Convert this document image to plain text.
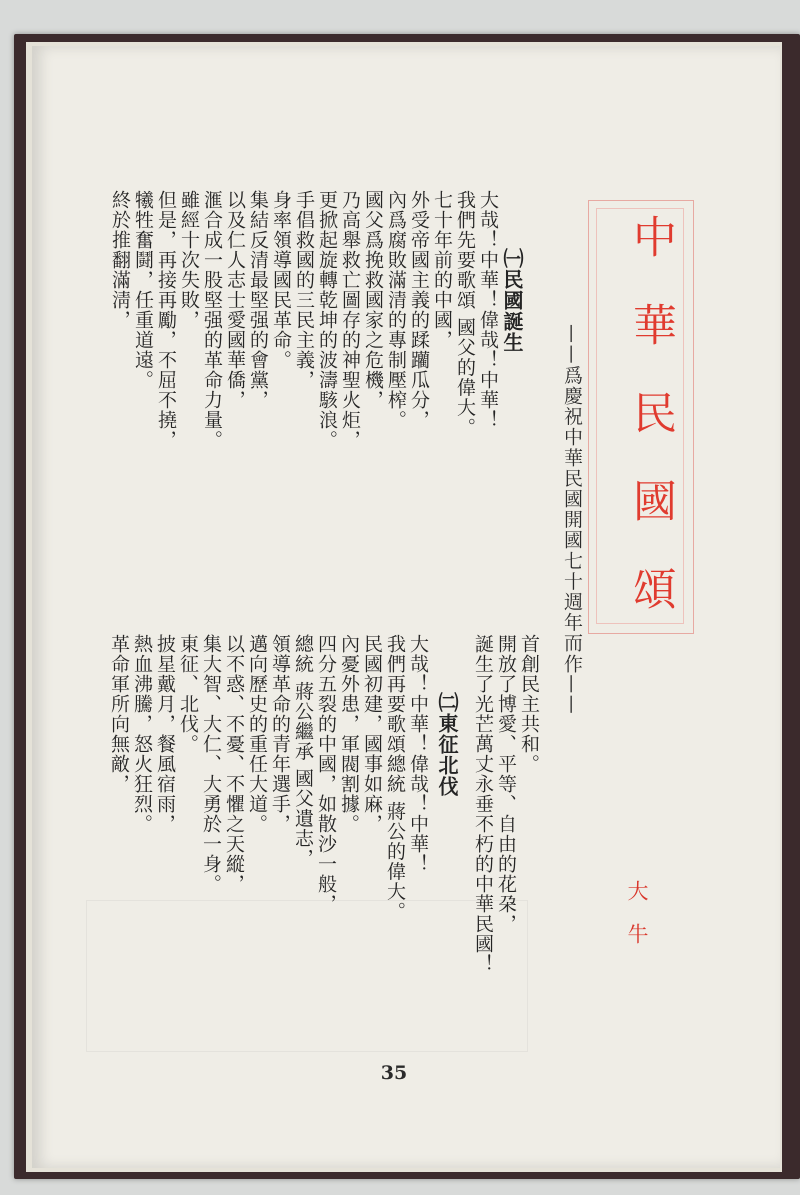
中華民國頌
大牛
——爲慶祝中華民國開國七十週年而作——
㈠民國誕生
大哉！中華！偉哉！中華！
我們先要歌頌 國父的偉大。
七十年前的中國，
外受帝國主義的蹂躪瓜分，
內爲腐敗滿清的專制壓榨。
國父爲挽救國家之危機，
乃高舉救亡圖存的神聖火炬，
更掀起旋轉乾坤的波濤駭浪。
手倡救國的三民主義，
身率領導國民革命。
集結反清最堅强的會黨，
以及仁人志士愛國華僑，
滙合成一股堅强的革命力量。
雖經十次失敗，
但是，再接再勵，不屈不撓，
犧牲奮鬪，任重道遠。
終於推翻滿淸，
首創民主共和。
開放了博愛、平等、自由的花朶，
誕生了光芒萬丈永垂不朽的中華民國！
㈡東征北伐
大哉！中華！偉哉！中華！
我們再要歌頌總統 蔣公的偉大。
民國初建，國事如麻，
內憂外患，軍閥割據。
四分五裂的中國，如散沙一般，
總統 蔣公繼承 國父遺志，
領導革命的青年選手，
邁向歷史的重任大道。
以不惑、不憂、不懼之天縱，
集大智、大仁、大勇於一身。
東征、北伐。
披星戴月，餐風宿雨，
熱血沸騰，怒火狂烈。
革命軍所向無敵，
35
